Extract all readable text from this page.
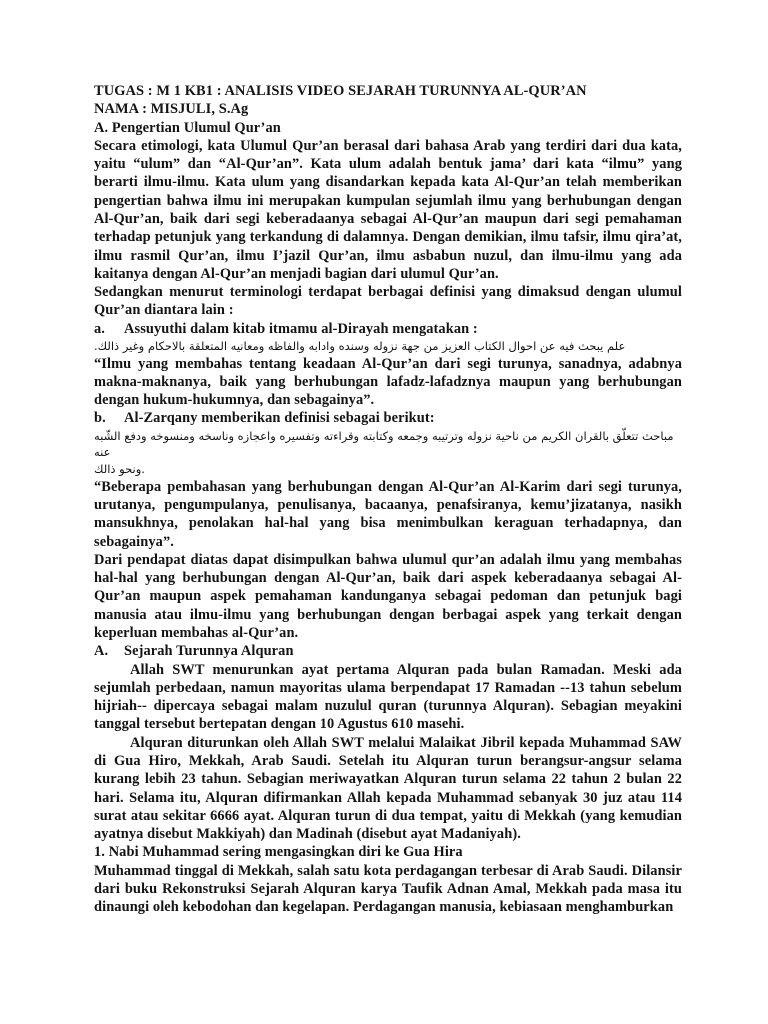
TUGAS : M 1 KB1 : ANALISIS VIDEO SEJARAH TURUNNYA AL-QUR’AN

NAMA : MISJULI, S.Ag

A. Pengertian Ulumul Qur’an

Secara etimologi, kata Ulumul Qur’an berasal dari bahasa Arab yang terdiri dari dua kata, yaitu “ulum” dan “Al-Qur’an”. Kata ulum adalah bentuk jama’ dari kata “ilmu” yang berarti ilmu-ilmu. Kata ulum yang disandarkan kepada kata Al-Qur’an telah memberikan pengertian bahwa ilmu ini merupakan kumpulan sejumlah ilmu yang berhubungan dengan Al-Qur’an, baik dari segi keberadaanya sebagai Al-Qur’an maupun dari segi pemahaman terhadap petunjuk yang terkandung di dalamnya. Dengan demikian, ilmu tafsir, ilmu qira’at, ilmu rasmil Qur’an, ilmu I’jazil Qur’an, ilmu asbabun nuzul, dan ilmu-ilmu yang ada kaitanya dengan Al-Qur’an menjadi bagian dari ulumul Qur’an.

Sedangkan menurut terminologi terdapat berbagai definisi yang dimaksud dengan ulumul Qur’an diantara lain :

a. Assuyuthi dalam kitab itmamu al-Dirayah mengatakan :

علم يبحث فيه عن احوال الكتاب العزيز من جهة نزوله وسنده وادابه والفاظه ومعانيه المتعلقة بالاحكام وغير ذالك.

“Ilmu yang membahas tentang keadaan Al-Qur’an dari segi turunya, sanadnya, adabnya makna-maknanya, baik yang berhubungan lafadz-lafadznya maupun yang berhubungan dengan hukum-hukumnya, dan sebagainya”.

b. Al-Zarqany memberikan definisi sebagai berikut:

مباحث تتعلّق بالقران الكريم من ناحية نزوله وترتيبه وجمعه وكتابته وقراءته وتفسيره واعجازه وناسخه ومنسوخه ودفع الشّبه عنه
ونحو ذالك.

“Beberapa pembahasan yang berhubungan dengan Al-Qur’an Al-Karim dari segi turunya, urutanya, pengumpulanya, penulisanya, bacaanya, penafsiranya, kemu’jizatanya, nasikh mansukhnya, penolakan hal-hal yang bisa menimbulkan keraguan terhadapnya, dan sebagainya”.

Dari pendapat diatas dapat disimpulkan bahwa ulumul qur’an adalah ilmu yang membahas hal-hal yang berhubungan dengan Al-Qur’an, baik dari aspek keberadaanya sebagai Al-Qur’an maupun aspek pemahaman kandunganya sebagai pedoman dan petunjuk bagi manusia atau ilmu-ilmu yang berhubungan dengan berbagai aspek yang terkait dengan keperluan membahas al-Qur’an.

A. Sejarah Turunnya Alquran

Allah SWT menurunkan ayat pertama Alquran pada bulan Ramadan. Meski ada sejumlah perbedaan, namun mayoritas ulama berpendapat 17 Ramadan --13 tahun sebelum hijriah-- dipercaya sebagai malam nuzulul quran (turunnya Alquran). Sebagian meyakini tanggal tersebut bertepatan dengan 10 Agustus 610 masehi.

Alquran diturunkan oleh Allah SWT melalui Malaikat Jibril kepada Muhammad SAW di Gua Hiro, Mekkah, Arab Saudi. Setelah itu Alquran turun berangsur-angsur selama kurang lebih 23 tahun. Sebagian meriwayatkan Alquran turun selama 22 tahun 2 bulan 22 hari. Selama itu, Alquran difirmankan Allah kepada Muhammad sebanyak 30 juz atau 114 surat atau sekitar 6666 ayat. Alquran turun di dua tempat, yaitu di Mekkah (yang kemudian ayatnya disebut Makkiyah) dan Madinah (disebut ayat Madaniyah).

1. Nabi Muhammad sering mengasingkan diri ke Gua Hira

Muhammad tinggal di Mekkah, salah satu kota perdagangan terbesar di Arab Saudi. Dilansir dari buku Rekonstruksi Sejarah Alquran karya Taufik Adnan Amal, Mekkah pada masa itu dinaungi oleh kebodohan dan kegelapan. Perdagangan manusia, kebiasaan menghamburkan
